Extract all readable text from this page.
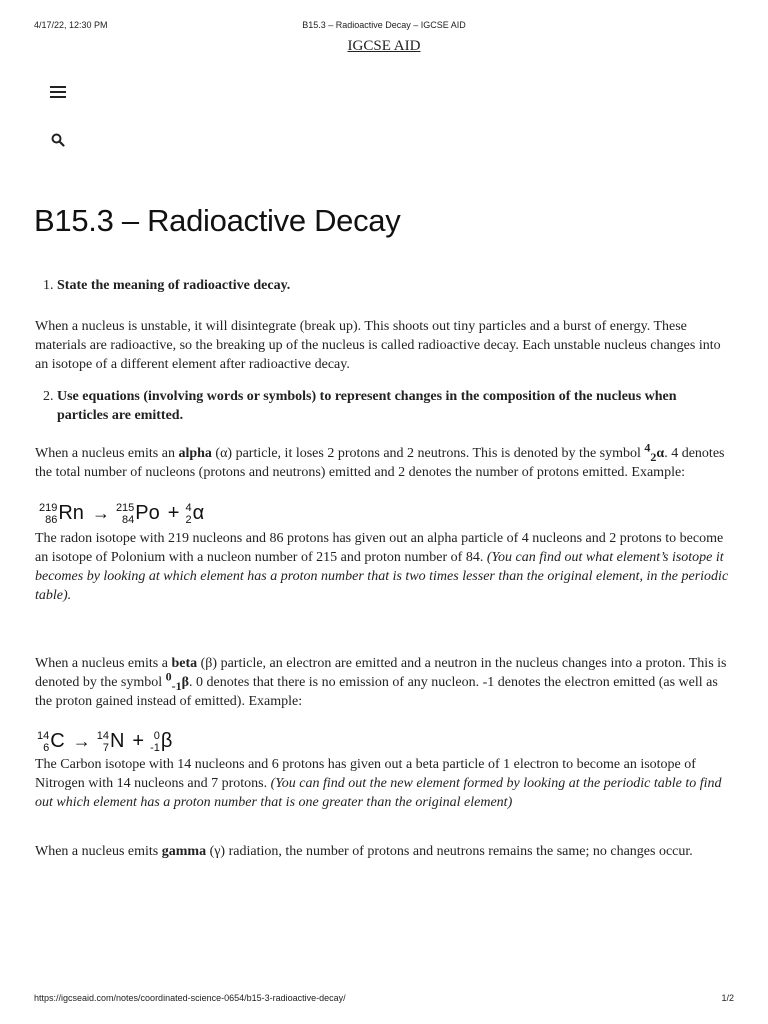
4/17/22, 12:30 PM	B15.3 – Radioactive Decay – IGCSE AID
IGCSE AID
B15.3 – Radioactive Decay

1. State the meaning of radioactive decay.

When a nucleus is unstable, it will disintegrate (break up). This shoots out tiny particles and a burst of energy. These materials are radioactive, so the breaking up of the nucleus is called radioactive decay. Each unstable nucleus changes into an isotope of a different element after radioactive decay.

2. Use equations (involving words or symbols) to represent changes in the composition of the nucleus when particles are emitted.

When a nucleus emits an alpha (α) particle, it loses 2 protons and 2 neutrons. This is denoted by the symbol $^4_2$α. 4 denotes the total number of nucleons (protons and neutrons) emitted and 2 denotes the number of protons emitted. Example:

219
86 Rn → 215
84 Po + 4
2 α

The radon isotope with 219 nucleons and 86 protons has given out an alpha particle of 4 nucleons and 2 protons to become an isotope of Polonium with a nucleon number of 215 and proton number of 84. (You can find out what element’s isotope it becomes by looking at which element has a proton number that is two times lesser than the original element, in the periodic table).

When a nucleus emits a beta (β) particle, an electron are emitted and a neutron in the nucleus changes into a proton. This is denoted by the symbol $^0_{-1}$β. 0 denotes that there is no emission of any nucleon. -1 denotes the electron emitted (as well as the proton gained instead of emitted). Example:

14
6 C → 14
7 N + 0
-1 β

The Carbon isotope with 14 nucleons and 6 protons has given out a beta particle of 1 electron to become an isotope of Nitrogen with 14 nucleons and 7 protons. (You can find out the new element formed by looking at the periodic table to find out which element has a proton number that is one greater than the original element)

When a nucleus emits gamma (γ) radiation, the number of protons and neutrons remains the same; no changes occur.

https://igcseaid.com/notes/coordinated-science-0654/b15-3-radioactive-decay/	1/2
